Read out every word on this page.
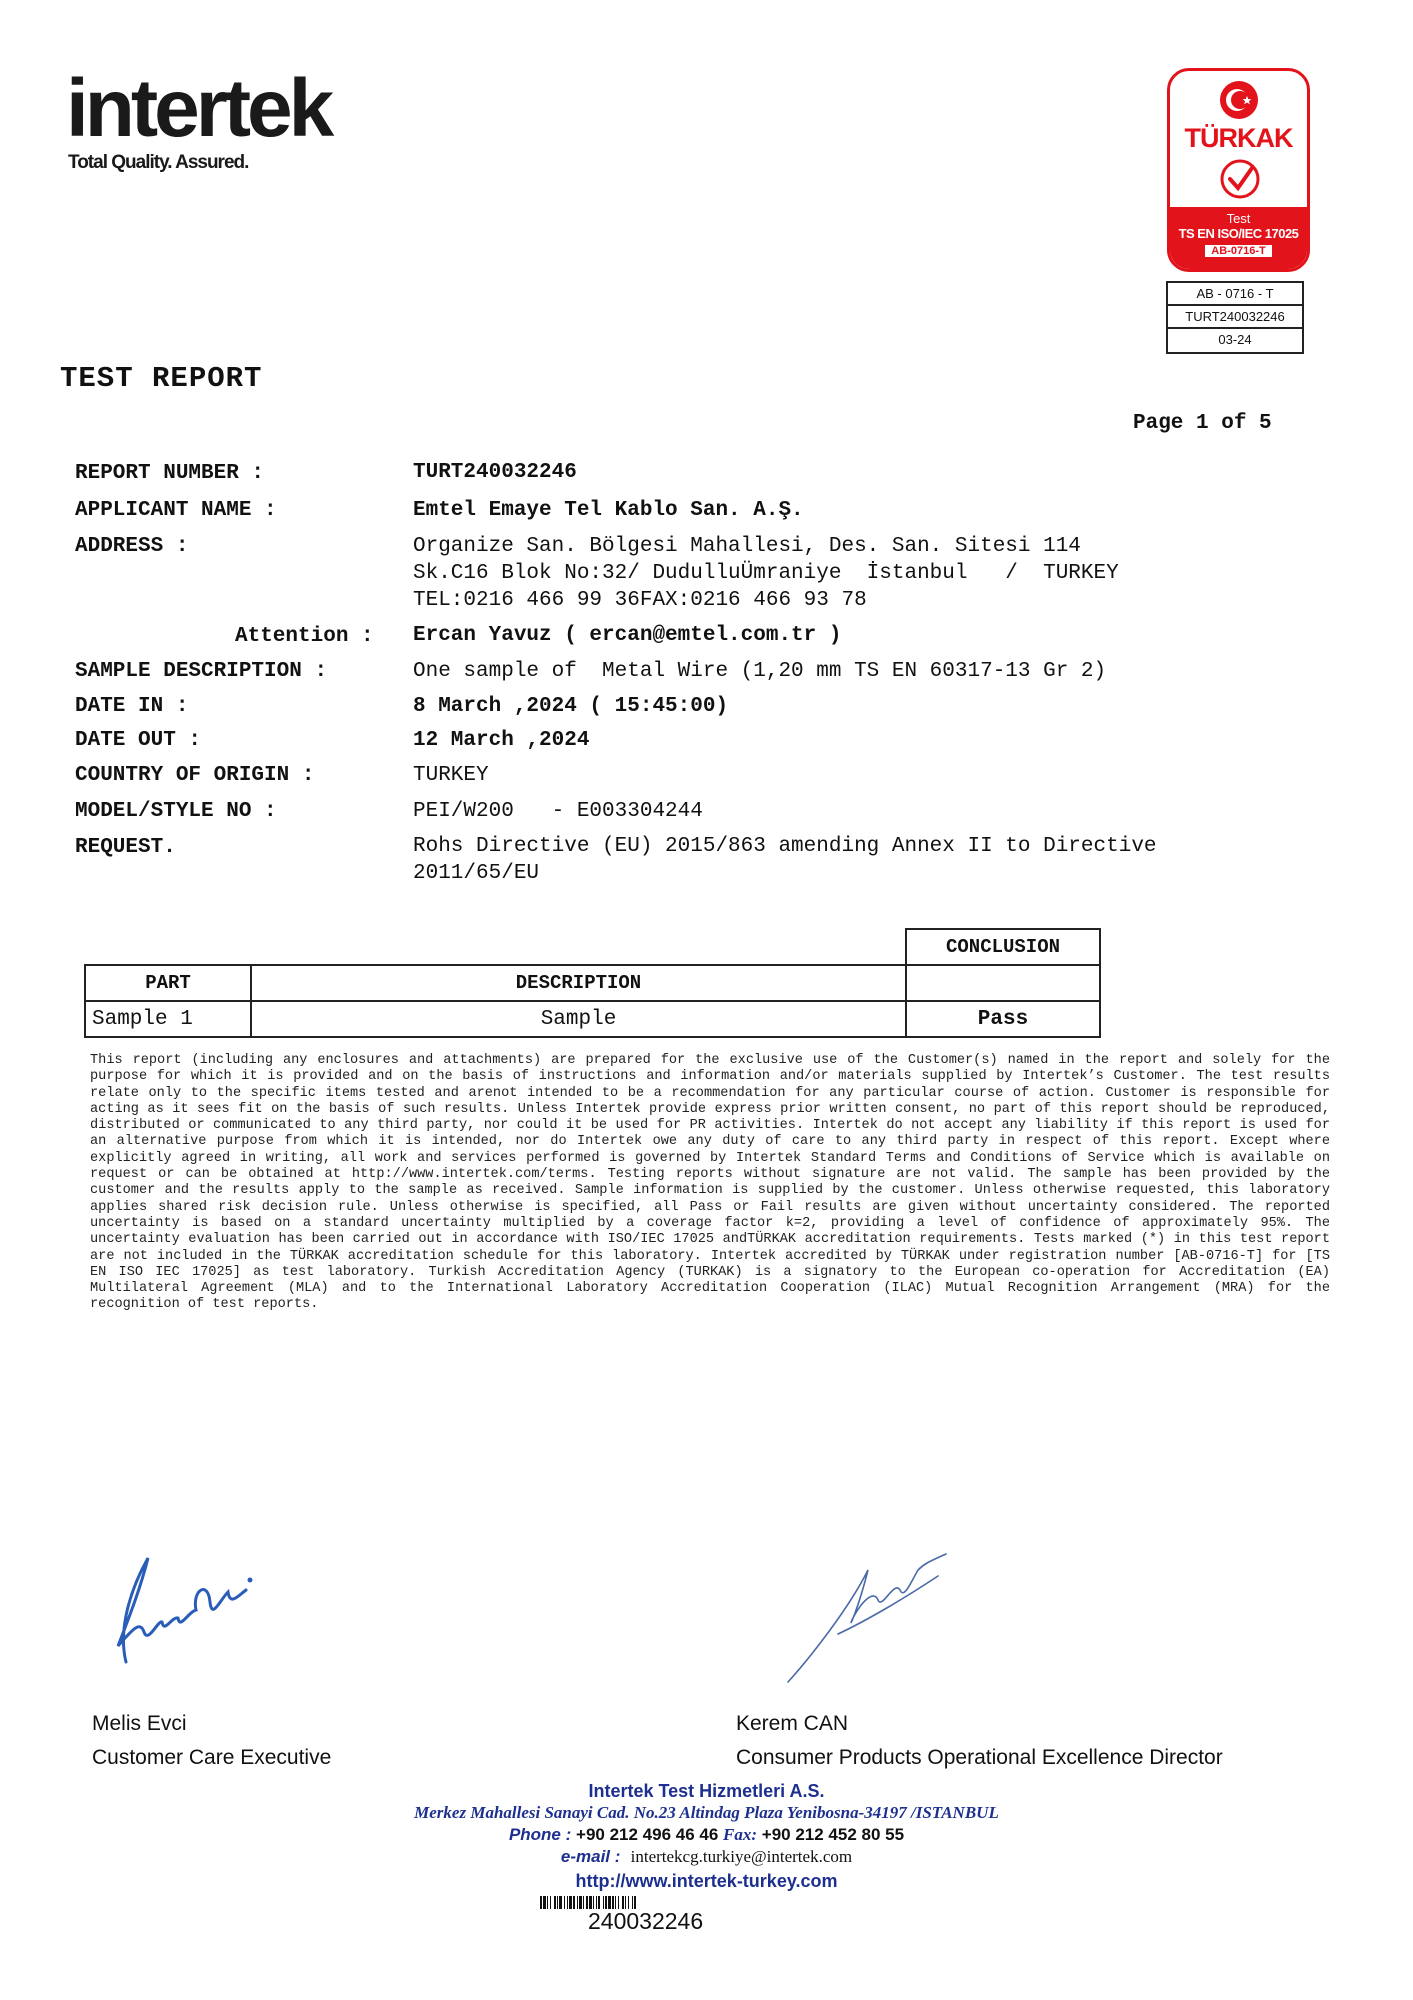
intertek
Total Quality. Assured.
TÜRKAK
Test
TS EN ISO/IEC 17025
AB-0716-T
AB - 0716 - T
TURT240032246
03-24
TEST REPORT
Page 1 of 5
REPORT NUMBER :	TURT240032246
APPLICANT NAME :	Emtel Emaye Tel Kablo San. A.Ş.
ADDRESS :	Organize San. Bölgesi Mahallesi, Des. San. Sitesi 114
Sk.C16 Blok No:32/ DudulluÜmraniye  İstanbul   /  TURKEY
TEL:0216 466 99 36FAX:0216 466 93 78
Attention : Ercan Yavuz ( ercan@emtel.com.tr )
SAMPLE DESCRIPTION :	One sample of  Metal Wire (1,20 mm TS EN 60317-13 Gr 2)
DATE IN :	8 March ,2024 ( 15:45:00)
DATE OUT :	12 March ,2024
COUNTRY OF ORIGIN :	TURKEY
MODEL/STYLE NO :	PEI/W200   - E003304244
REQUEST.	Rohs Directive (EU) 2015/863 amending Annex II to Directive
2011/65/EU
		CONCLUSION
PART	DESCRIPTION	
Sample 1	Sample	Pass
This report (including any enclosures and attachments) are prepared for the exclusive use of the Customer(s) named in the report and solely for the purpose for which it is provided and on the basis of instructions and information and/or materials supplied by Intertek’s Customer. The test results relate only to the specific items tested and arenot intended to be a recommendation for any particular course of action. Customer is responsible for acting as it sees fit on the basis of such results. Unless Intertek provide express prior written consent, no part of this report should be reproduced, distributed or communicated to any third party, nor could it be used for PR activities. Intertek do not accept any liability if this report is used for an alternative purpose from which it is intended, nor do Intertek owe any duty of care to any third party in respect of this report. Except where explicitly agreed in writing, all work and services performed is governed by Intertek Standard Terms and Conditions of Service which is available on request or can be obtained at http://www.intertek.com/terms. Testing reports without signature are not valid. The sample has been provided by the customer and the results apply to the sample as received. Sample information is supplied by the customer. Unless otherwise requested, this laboratory applies shared risk decision rule. Unless otherwise is specified, all Pass or Fail results are given without uncertainty considered. The reported uncertainty is based on a standard uncertainty multiplied by a coverage factor k=2, providing a level of confidence of approximately 95%. The uncertainty evaluation has been carried out in accordance with ISO/IEC 17025 andTÜRKAK accreditation requirements. Tests marked (*) in this test report are not included in the TÜRKAK accreditation schedule for this laboratory. Intertek accredited by TÜRKAK under registration number [AB-0716-T] for [TS EN ISO IEC 17025] as test laboratory. Turkish Accreditation Agency (TURKAK) is a signatory to the European co-operation for Accreditation (EA) Multilateral Agreement (MLA) and to the International Laboratory Accreditation Cooperation (ILAC) Mutual Recognition Arrangement (MRA) for the recognition of test reports.
Melis Evci
Customer Care Executive
Kerem CAN
Consumer Products Operational Excellence Director
Intertek Test Hizmetleri A.S.
Merkez Mahallesi Sanayi Cad. No.23 Altindag Plaza Yenibosna-34197 /ISTANBUL
Phone : +90 212 496 46 46 Fax: +90 212 452 80 55
e-mail : intertekcg.turkiye@intertek.com
http://www.intertek-turkey.com
240032246
